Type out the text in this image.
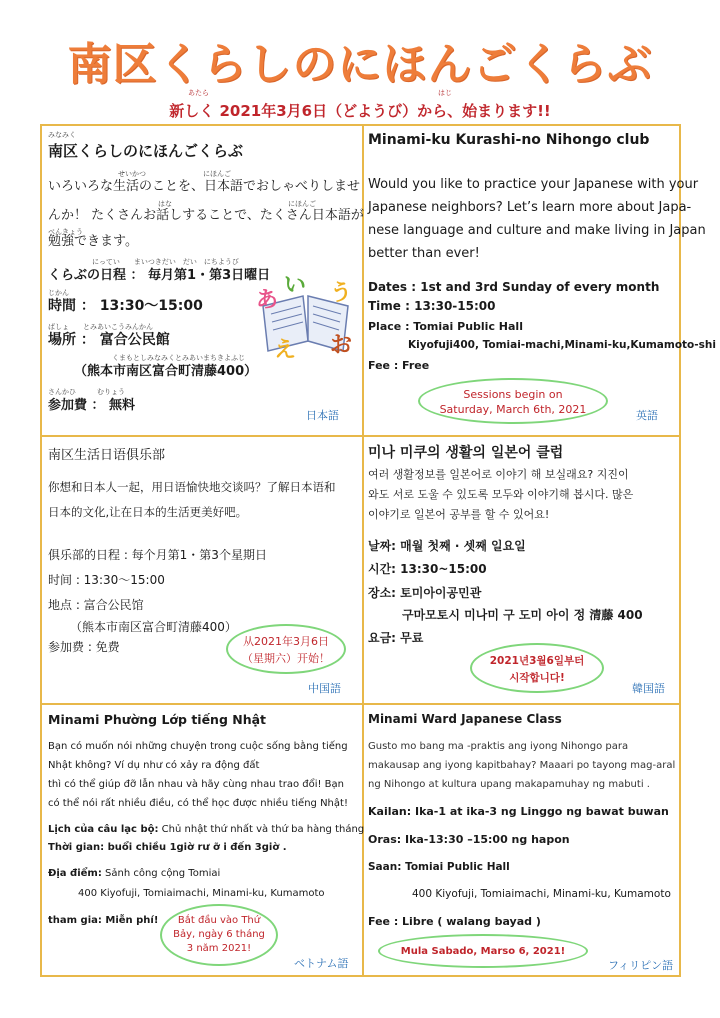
南区くらしのにほんごくらぶ
あたら	はじ
新しく 2021年3月6日（どようび）から、始まります!!
みなみく
南区くらしのにほんごくらぶ
せいかつ	にほんご
いろいろな生活のことを、日本語でおしゃべりしませ
はな	にほんご
んか！ たくさんお話しすることで、たくさん日本語が
べんきょう
勉強できます。
にってい　　まいつきだい　だい　にちようび
くらぶの日程 ： 毎月第1・第3日曜日
じかん
時間 ： 13:30～15:00
ばしょ　　とみあいこうみんかん
場所 ： 富合公民館
くまもとしみなみくとみあいまちきよふじ
（熊本市南区富合町清藤400）
さんかひ　　　むりょう
参加費 ： 無料
あ
い う
え お
日本語
Minami-ku Kurashi-no Nihongo club
Would you like to practice your Japanese with your
Japanese neighbors? Let’s learn more about Japa-
nese language and culture and make living in Japan
better than ever!
Dates : 1st and 3rd Sunday of every month
Time : 13:30-15:00
Place : Tomiai Public Hall
Kiyofuji400, Tomiai-machi,Minami-ku,Kumamoto-shi
Fee : Free
Sessions begin on
Saturday, March 6th, 2021	英語
南区生活日语俱乐部
你想和日本人一起，用日语愉快地交谈吗？了解日本语和
日本的文化,让在日本的生活更美好吧。
俱乐部的日程 : 每个月第1・第3个星期日
时间 : 13:30～15:00
地点 : 富合公民馆
（熊本市南区富合町清藤400）
参加费 : 免费	从2021年3月6日
（星期六）开始！
中国語
미나 미쿠의 생활의 일본어 클럽
여러 생활정보를 일본어로 이야기 해 보실래요? 지진이
와도 서로 도울 수 있도록 모두와 이야기해 봅시다. 많은
이야기로 일본어 공부를 할 수 있어요!
날짜: 매월 첫째 · 셋째 일요일
시간: 13:30~15:00
장소: 토미아이공민관
구마모토시 미나미 구 도미 아이 정 清藤 400
요금: 무료
2021년3월6일부터
시작합니다!
韓国語
Minami Phường Lớp tiếng Nhật
Bạn có muốn nói những chuyện trong cuộc sống bằng tiếng
Nhật không? Ví dụ như có xảy ra động đất
thì có thể giúp đỡ lẫn nhau và hãy cùng nhau trao đổi! Bạn
có thể nói rất nhiều điều, có thể học được nhiều tiếng Nhật!
Lịch của câu lạc bộ: Chủ nhật thứ nhất và thứ ba hàng tháng
Thời gian: buổi chiều 1giờ rư ỡ i đến 3giờ .
Địa điểm: Sảnh công cộng Tomiai
400 Kiyofuji, Tomiaimachi, Minami-ku, Kumamoto
tham gia: Miễn phí!	Bắt đầu vào Thứ
Bảy, ngày 6 tháng
3 năm 2021!
ベトナム語
Minami Ward Japanese Class
Gusto mo bang ma -praktis ang iyong Nihongo para
makausap ang iyong kapitbahay? Maaari po tayong mag-aral
ng Nihongo at kultura upang makapamuhay ng mabuti .
Kailan: Ika-1 at ika-3 ng Linggo ng bawat buwan
Oras: Ika-13:30 –15:00 ng hapon
Saan: Tomiai Public Hall
400 Kiyofuji, Tomiaimachi, Minami-ku, Kumamoto
Fee : Libre ( walang bayad )
Mula Sabado, Marso 6, 2021!
フィリピン語
